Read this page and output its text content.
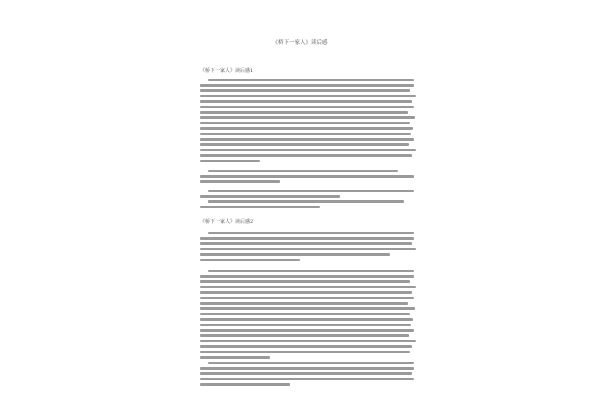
《桥下一家人》读后感
《桥下一家人》读后感1
《桥下一家人》读后感2
